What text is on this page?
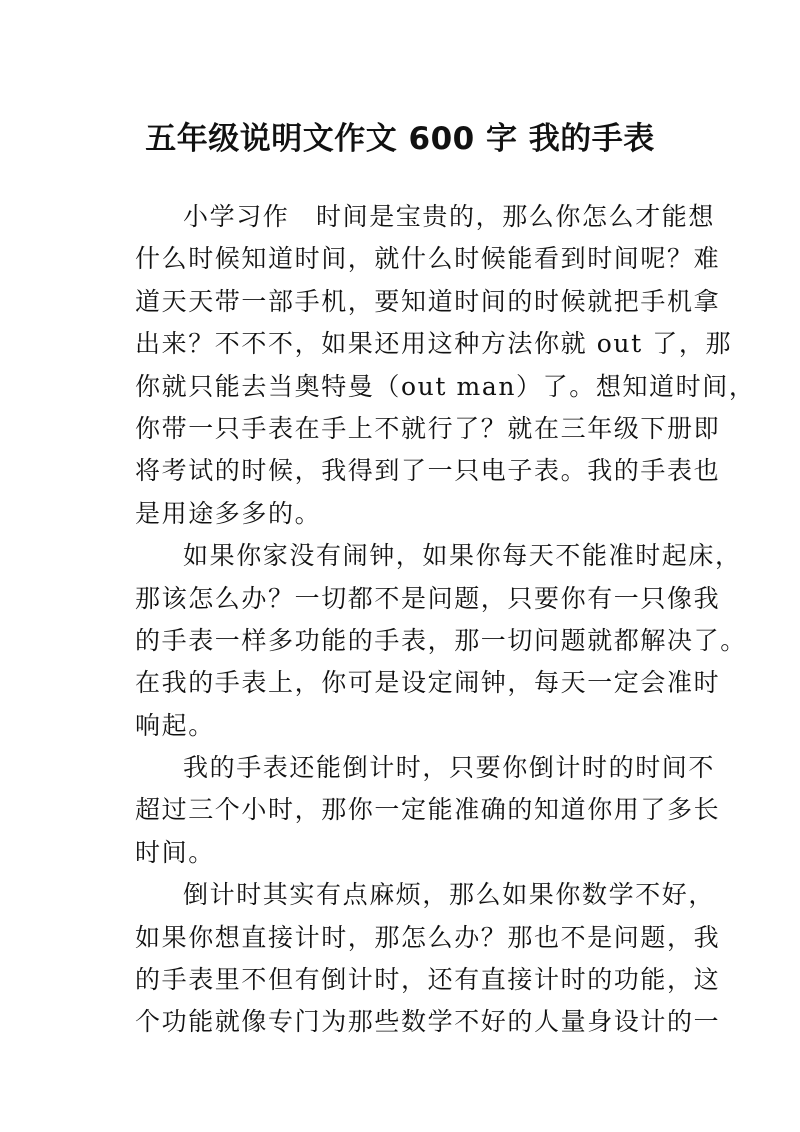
五年级说明文作文 600 字 我的手表
小学习作　时间是宝贵的，那么你怎么才能想
什么时候知道时间，就什么时候能看到时间呢？难
道天天带一部手机，要知道时间的时候就把手机拿
出来？不不不，如果还用这种方法你就 out 了，那
你就只能去当奥特曼（out man）了。想知道时间，
你带一只手表在手上不就行了？就在三年级下册即
将考试的时候，我得到了一只电子表。我的手表也
是用途多多的。
如果你家没有闹钟，如果你每天不能准时起床，
那该怎么办？一切都不是问题，只要你有一只像我
的手表一样多功能的手表，那一切问题就都解决了。
在我的手表上，你可是设定闹钟，每天一定会准时
响起。
我的手表还能倒计时，只要你倒计时的时间不
超过三个小时，那你一定能准确的知道你用了多长
时间。
倒计时其实有点麻烦，那么如果你数学不好，
如果你想直接计时，那怎么办？那也不是问题，我
的手表里不但有倒计时，还有直接计时的功能，这
个功能就像专门为那些数学不好的人量身设计的一
